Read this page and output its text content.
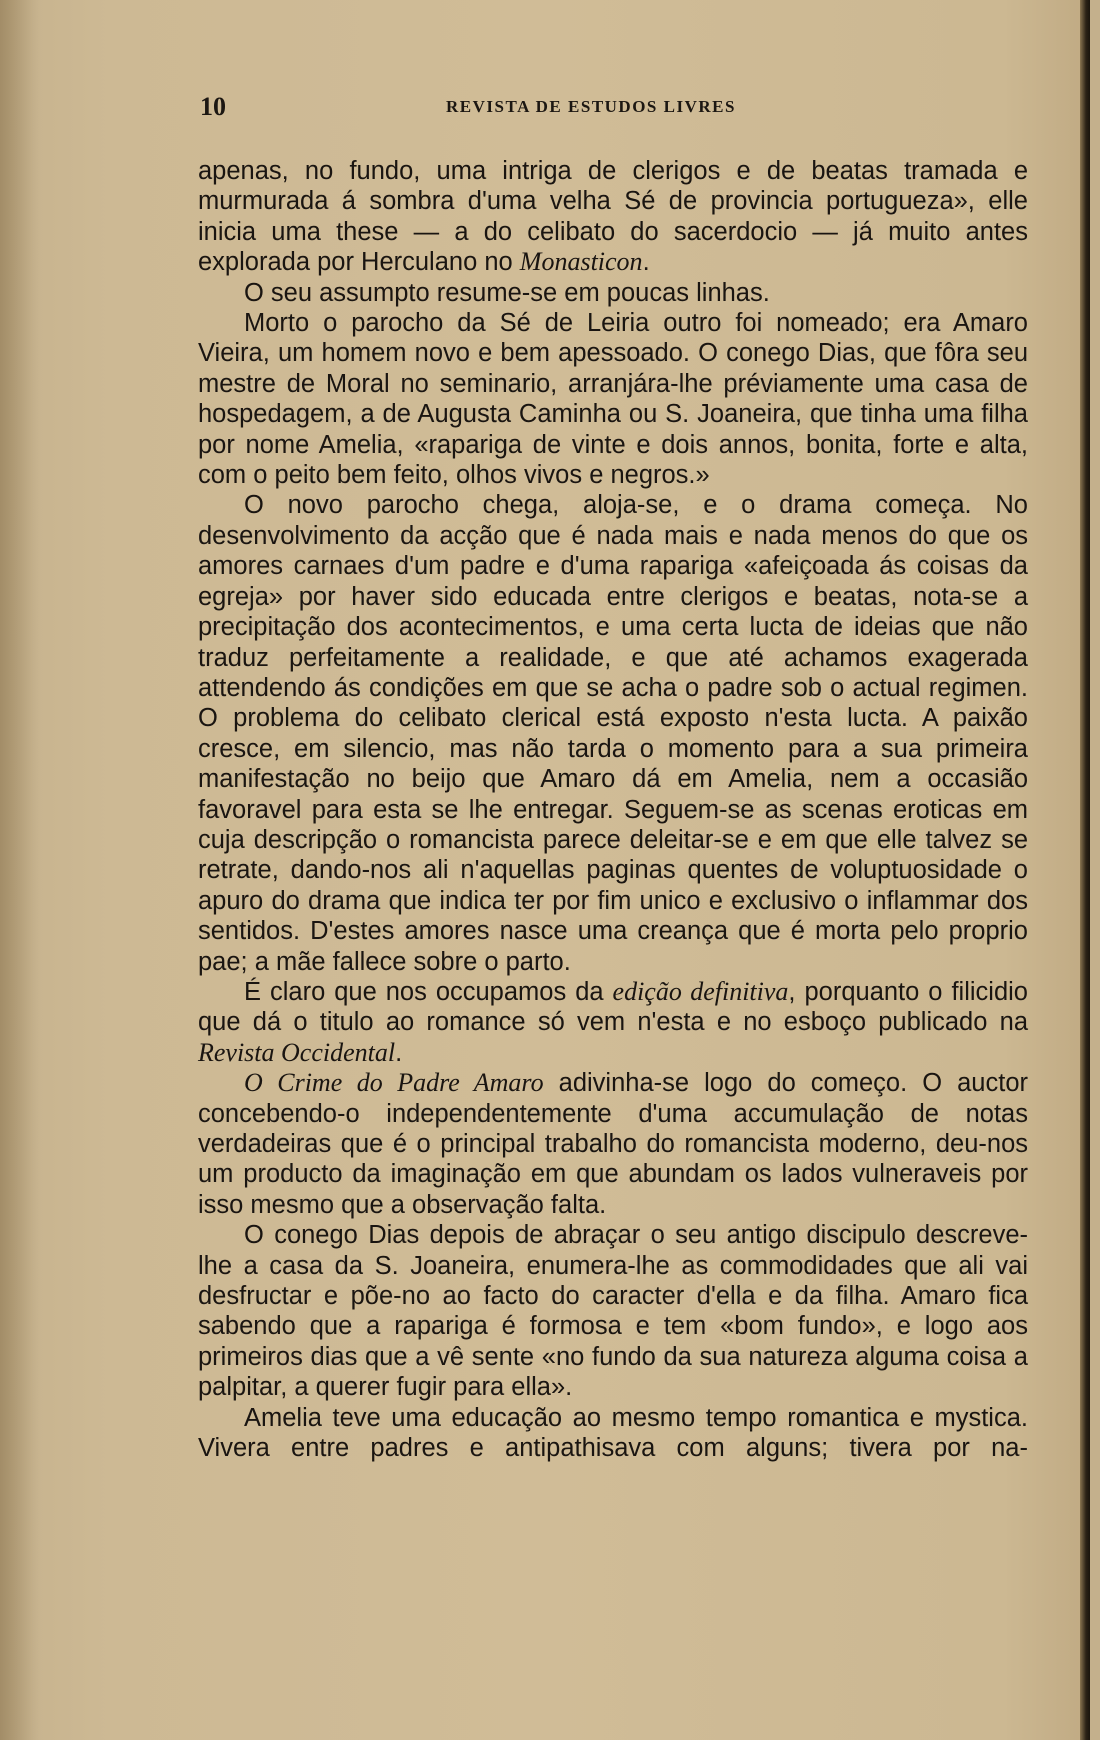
10	REVISTA DE ESTUDOS LIVRES

apenas, no fundo, uma intriga de clerigos e de beatas tramada e murmurada á sombra d'uma velha Sé de provincia portugueza», elle inicia uma these — a do celibato do sacerdocio — já muito antes explorada por Herculano no Monasticon.

O seu assumpto resume-se em poucas linhas.

Morto o parocho da Sé de Leiria outro foi nomeado; era Amaro Vieira, um homem novo e bem apessoado. O conego Dias, que fôra seu mestre de Moral no seminario, arranjára-lhe préviamente uma casa de hospedagem, a de Augusta Caminha ou S. Joaneira, que tinha uma filha por nome Amelia, «rapariga de vinte e dois annos, bonita, forte e alta, com o peito bem feito, olhos vivos e negros.»

O novo parocho chega, aloja-se, e o drama começa. No desenvolvimento da acção que é nada mais e nada menos do que os amores carnaes d'um padre e d'uma rapariga «afeiçoada ás coisas da egreja» por haver sido educada entre clerigos e beatas, nota-se a precipitação dos acontecimentos, e uma certa lucta de ideias que não traduz perfeitamente a realidade, e que até achamos exagerada attendendo ás condições em que se acha o padre sob o actual regimen. O problema do celibato clerical está exposto n'esta lucta. A paixão cresce, em silencio, mas não tarda o momento para a sua primeira manifestação no beijo que Amaro dá em Amelia, nem a occasião favoravel para esta se lhe entregar. Seguem-se as scenas eroticas em cuja descripção o romancista parece deleitar-se e em que elle talvez se retrate, dando-nos ali n'aquellas paginas quentes de voluptuosidade o apuro do drama que indica ter por fim unico e exclusivo o inflammar dos sentidos. D'estes amores nasce uma creança que é morta pelo proprio pae; a mãe fallece sobre o parto.

É claro que nos occupamos da edição definitiva, porquanto o filicidio que dá o titulo ao romance só vem n'esta e no esboço publicado na Revista Occidental.

O Crime do Padre Amaro adivinha-se logo do começo. O auctor concebendo-o independentemente d'uma accumulação de notas verdadeiras que é o principal trabalho do romancista moderno, deu-nos um producto da imaginação em que abundam os lados vulneraveis por isso mesmo que a observação falta.

O conego Dias depois de abraçar o seu antigo discipulo descreve-lhe a casa da S. Joaneira, enumera-lhe as commodidades que ali vai desfructar e põe-no ao facto do caracter d'ella e da filha. Amaro fica sabendo que a rapariga é formosa e tem «bom fundo», e logo aos primeiros dias que a vê sente «no fundo da sua natureza alguma coisa a palpitar, a querer fugir para ella».

Amelia teve uma educação ao mesmo tempo romantica e mystica. Vivera entre padres e antipathisava com alguns; tivera por na-
